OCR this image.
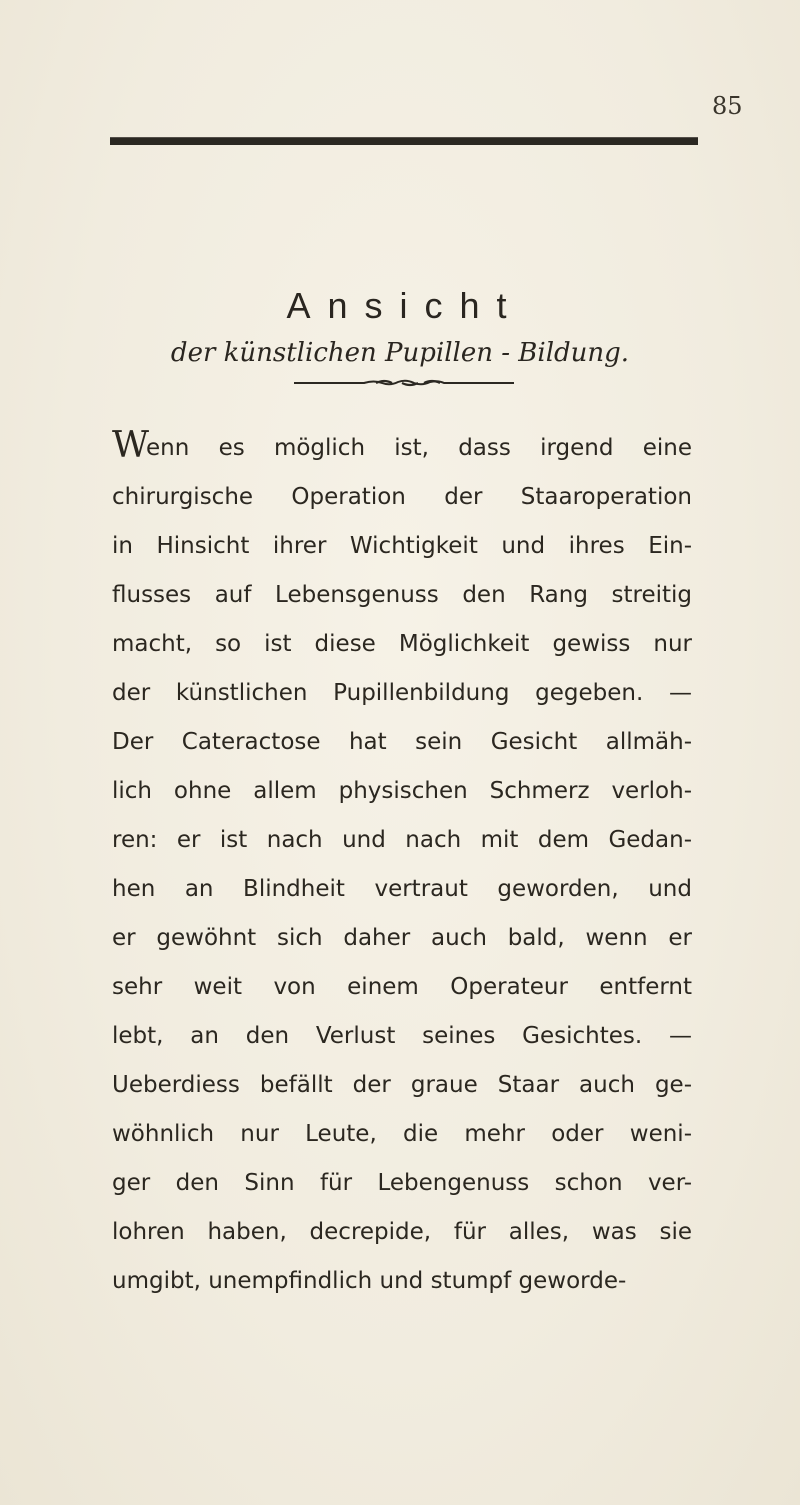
85
Ansicht
der künstlichen Pupillen - Bildung.
Wenn es möglich ist, dass irgend eine
chirurgische Operation der Staaroperation
in Hinsicht ihrer Wichtigkeit und ihres Ein-
flusses auf Lebensgenuss den Rang streitig
macht, so ist diese Möglichkeit gewiss nur
der künstlichen Pupillenbildung gegeben. —
Der Cateractose hat sein Gesicht allmäh-
lich ohne allem physischen Schmerz verloh-
ren: er ist nach und nach mit dem Gedan-
hen an Blindheit vertraut geworden, und
er gewöhnt sich daher auch bald, wenn er
sehr weit von einem Operateur entfernt
lebt, an den Verlust seines Gesichtes. —
Ueberdiess befällt der graue Staar auch ge-
wöhnlich nur Leute, die mehr oder weni-
ger den Sinn für Lebengenuss schon ver-
lohren haben, decrepide, für alles, was sie
umgibt, unempfindlich und stumpf geworde-
